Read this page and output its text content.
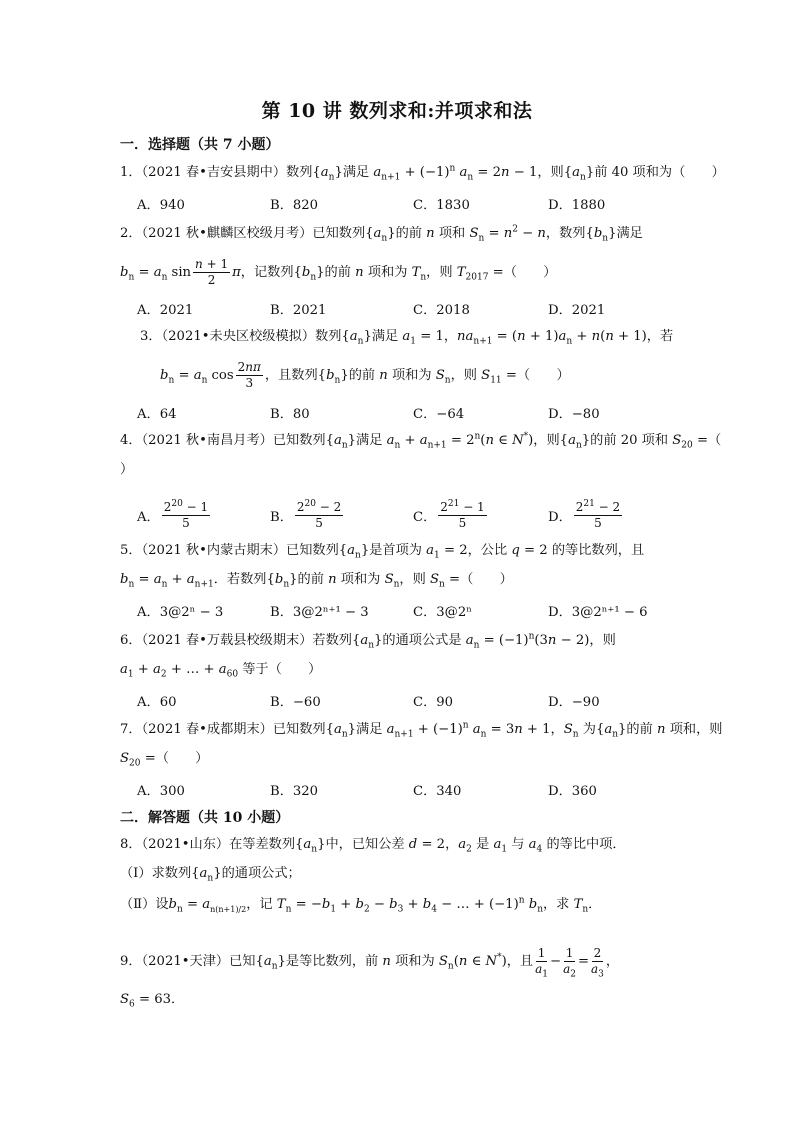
第 10 讲 数列求和:并项求和法
一．选择题（共 7 小题）
1．（2021 春•吉安县期中）数列$\{a_n\}$满足 $a_{n+1} + (-1)^n$ $a_n = 2n - 1$，则$\{a_n\}$前 40 项和为（　　）
A．940	B．820	C．1830	D．1880
2．（2021 秋•麒麟区校级月考）已知数列$\{a_n\}$的前 n 项和 $S_n = n^2 - n$，数列$\{b_n\}$满足
$b_n = a_n$ $\sin \frac{n + 1}{2}$ π，记数列$\{b_n\}$的前 n 项和为 $T_n$，则 $T_{2017}$ =（　　）
A．2021	B．2021	C．2018	D．2021
3．（2021•未央区校级模拟）数列$\{a_n\}$满足 $a_1 = 1$，$na_{n+1} = (n + 1)a_n + n(n + 1)$，若
$b_n = a_n$ $\cos \frac{2n\pi}{3}$ ，且数列$\{b_n\}$的前 n 项和为 $S_n$，则 $S_{11}$ =（　　）
A．64	B．80	C．−64	D．−80
4．（2021 秋•南昌月考）已知数列$\{a_n\}$满足 $a_n + a_{n+1} = 2^n(n$ ∈ N*)，则$\{a_n\}$的前 20 项和 $S_{20}$ =（
）
A． $\frac{2^{20} - 1}{5}$	B． $\frac{2^{20} - 2}{5}$	C． $\frac{2^{21} - 1}{5}$	D． $\frac{2^{21} - 2}{5}$
5．（2021 秋•内蒙古期末）已知数列$\{a_n\}$是首项为 $a_1 = 2$，公比 q = 2 的等比数列，且
$b_n = a_n + a_{n+1}$．若数列$\{b_n\}$的前 n 项和为 $S_n$，则 $S_n$ =（　　）
A．3@2ⁿ − 3	B．3@2ⁿ⁺¹ − 3	C．3@2ⁿ	D．3@2ⁿ⁺¹ − 6
6．（2021 春•万载县校级期末）若数列$\{a_n\}$的通项公式是 $a_n = (-1)^n(3n - 2)$，则
$a_1 + a_2$ + … + $a_{60}$ 等于（　　）
A．60	B．−60	C．90	D．−90
7．（2021 春•成都期末）已知数列$\{a_n\}$满足 $a_{n+1} + (-1)^n$ $a_n = 3n + 1$，$S_n$ 为$\{a_n\}$的前 n 项和，则
$S_{20}$ =（　　）
A．300	B．320	C．340	D．360
二．解答题（共 10 小题）
8．（2021•山东）在等差数列$\{a_n\}$中，已知公差 d = 2，$a_2$ 是 $a_1$ 与 $a_4$ 的等比中项．
（Ⅰ）求数列$\{a_n\}$的通项公式；
（Ⅱ）设$b_n = a_{n(n+1)/2}$，记 $T_n = -b_1 + b_2 - b_3 + b_4$ − … + $(-1)^n$ $b_n$，求 $T_n$．
9．（2021•天津）已知$\{a_n\}$是等比数列，前 n 项和为 $S_n(n$ ∈ N*)，且 $\frac{1}{a_1} - \frac{1}{a_2} = \frac{2}{a_3}$ ，
$S_6 = 63$．
